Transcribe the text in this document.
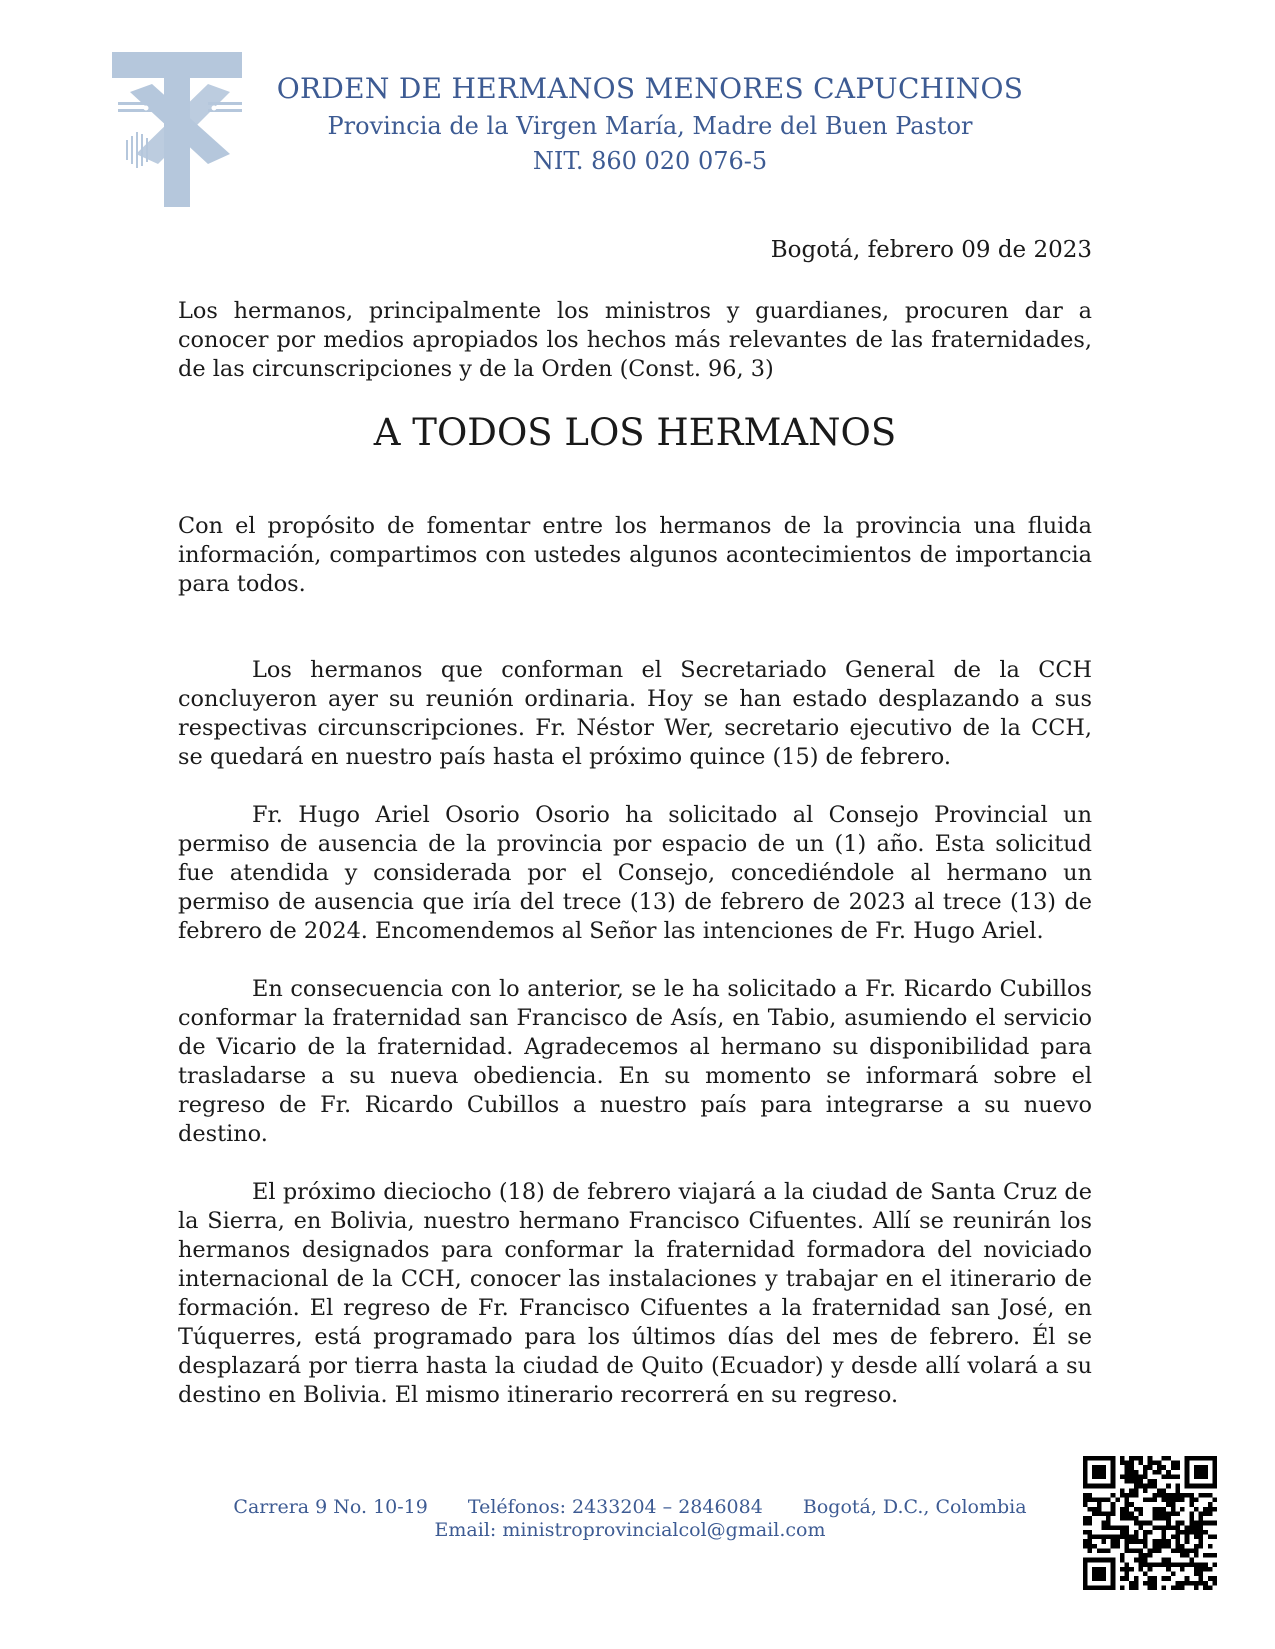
ORDEN DE HERMANOS MENORES CAPUCHINOS
Provincia de la Virgen María, Madre del Buen Pastor
NIT. 860 020 076-5
Bogotá, febrero 09 de 2023
Los hermanos, principalmente los ministros y guardianes, procuren dar a conocer por medios apropiados los hechos más relevantes de las fraternidades, de las circunscripciones y de la Orden (Const. 96, 3)
A TODOS LOS HERMANOS
Con el propósito de fomentar entre los hermanos de la provincia una fluida información, compartimos con ustedes algunos acontecimientos de importancia para todos.

Los hermanos que conforman el Secretariado General de la CCH concluyeron ayer su reunión ordinaria. Hoy se han estado desplazando a sus respectivas circunscripciones. Fr. Néstor Wer, secretario ejecutivo de la CCH, se quedará en nuestro país hasta el próximo quince (15) de febrero.

Fr. Hugo Ariel Osorio Osorio ha solicitado al Consejo Provincial un permiso de ausencia de la provincia por espacio de un (1) año. Esta solicitud fue atendida y considerada por el Consejo, concediéndole al hermano un permiso de ausencia que iría del trece (13) de febrero de 2023 al trece (13) de febrero de 2024. Encomendemos al Señor las intenciones de Fr. Hugo Ariel.

En consecuencia con lo anterior, se le ha solicitado a Fr. Ricardo Cubillos conformar la fraternidad san Francisco de Asís, en Tabio, asumiendo el servicio de Vicario de la fraternidad. Agradecemos al hermano su disponibilidad para trasladarse a su nueva obediencia. En su momento se informará sobre el regreso de Fr. Ricardo Cubillos a nuestro país para integrarse a su nuevo destino.

El próximo dieciocho (18) de febrero viajará a la ciudad de Santa Cruz de la Sierra, en Bolivia, nuestro hermano Francisco Cifuentes. Allí se reunirán los hermanos designados para conformar la fraternidad formadora del noviciado internacional de la CCH, conocer las instalaciones y trabajar en el itinerario de formación. El regreso de Fr. Francisco Cifuentes a la fraternidad san José, en Túquerres, está programado para los últimos días del mes de febrero. Él se desplazará por tierra hasta la ciudad de Quito (Ecuador) y desde allí volará a su destino en Bolivia. El mismo itinerario recorrerá en su regreso.

Carrera 9 No. 10-19 Teléfonos: 2433204 – 2846084 Bogotá, D.C., Colombia
Email: ministroprovincialcol@gmail.com
